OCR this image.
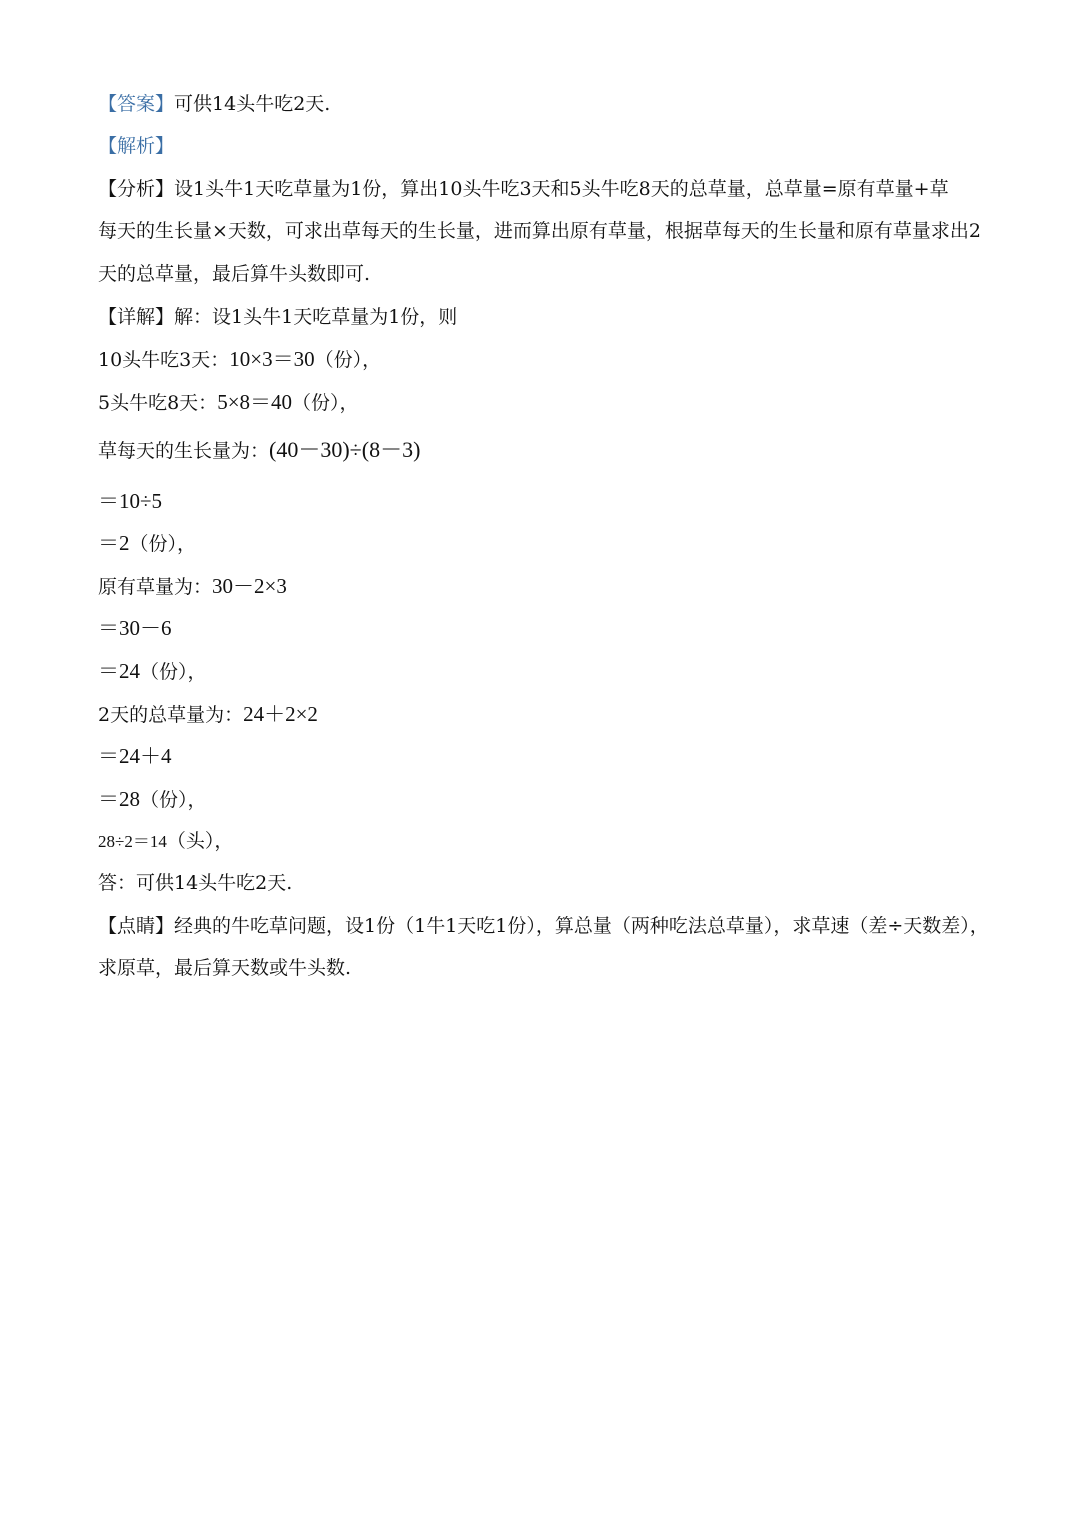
【答案】可供14头牛吃2天.
【解析】
【分析】设1头牛1天吃草量为1份，算出10头牛吃3天和5头牛吃8天的总草量，总草量=原有草量+草
每天的生长量×天数，可求出草每天的生长量，进而算出原有草量，根据草每天的生长量和原有草量求出2
天的总草量，最后算牛头数即可.
【详解】解：设1头牛1天吃草量为1份，则
10头牛吃3天：10×3＝30（份），
5头牛吃8天：5×8＝40（份），
草每天的生长量为：(40－30)÷(8－3)
＝10÷5
＝2（份），
原有草量为：30－2×3
＝30－6
＝24（份），
2天的总草量为：24＋2×2
＝24＋4
＝28（份），
28÷2＝14（头），
答：可供14头牛吃2天.
【点睛】经典的牛吃草问题，设1份（1牛1天吃1份），算总量（两种吃法总草量），求草速（差÷天数差），
求原草，最后算天数或牛头数.
